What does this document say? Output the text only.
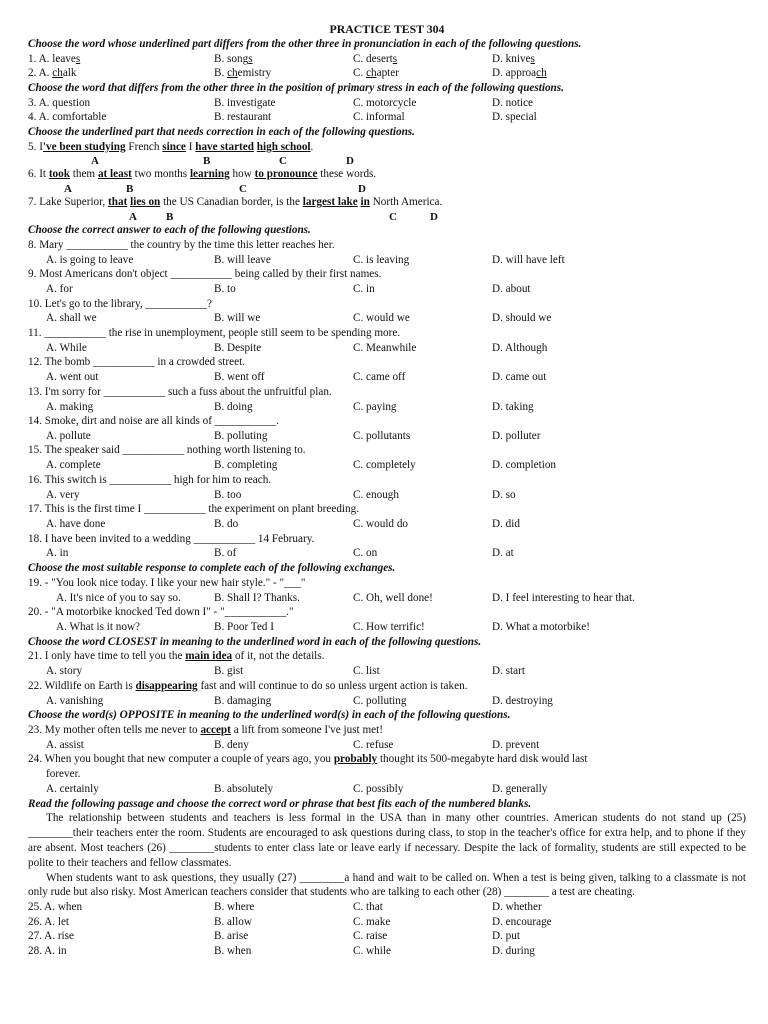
PRACTICE TEST 304
Choose the word whose underlined part differs from the other three in pronunciation in each of the following questions.
1. A. leaves	B. songs	C. deserts	D. knives
2. A. chalk	B. chemistry	C. chapter	D. approach
Choose the word that differs from the other three in the position of primary stress in each of the following questions.
3. A. question	B. investigate	C. motorcycle	D. notice
4. A. comfortable	B. restaurant	C. informal	D. special
Choose the underlined part that needs correction in each of the following questions.
5. I've been studying French since I have started high school.
A	B	C	D
6. It took them at least two months learning how to pronounce these words.
A	B	C	D
7. Lake Superior, that lies on the US Canadian border, is the largest lake in North America.
A	B	C	D
Choose the correct answer to each of the following questions.
8. Mary ___________ the country by the time this letter reaches her.
A. is going to leave	B. will leave	C. is leaving	D. will have left
9. Most Americans don't object ___________ being called by their first names.
A. for	B. to	C. in	D. about
10. Let's go to the library, ___________?
A. shall we	B. will we	C. would we	D. should we
11. ___________ the rise in unemployment, people still seem to be spending more.
A. While	B. Despite	C. Meanwhile	D. Although
12. The bomb ___________ in a crowded street.
A. went out	B. went off	C. came off	D. came out
13. I'm sorry for ___________ such a fuss about the unfruitful plan.
A. making	B. doing	C. paying	D. taking
14. Smoke, dirt and noise are all kinds of ___________.
A. pollute	B. polluting	C. pollutants	D. polluter
15. The speaker said ___________ nothing worth listening to.
A. complete	B. completing	C. completely	D. completion
16. This switch is ___________ high for him to reach.
A. very	B. too	C. enough	D. so
17. This is the first time I ___________ the experiment on plant breeding.
A. have done	B. do	C. would do	D. did
18. I have been invited to a wedding ___________ 14 February.
A. in	B. of	C. on	D. at
Choose the most suitable response to complete each of the following exchanges.
19. - "You look nice today. I like your new hair style." - "___"
A. It's nice of you to say so.	B. Shall I? Thanks.	C. Oh, well done!	D. I feel interesting to hear that.
20. - "A motorbike knocked Ted down I" - "___________."
A. What is it now?	B. Poor Ted I	C. How terrific!	D. What a motorbike!
Choose the word CLOSEST in meaning to the underlined word in each of the following questions.
21. I only have time to tell you the main idea of it, not the details.
A. story	B. gist	C. list	D. start
22. Wildlife on Earth is disappearing fast and will continue to do so unless urgent action is taken.
A. vanishing	B. damaging	C. polluting	D. destroying
Choose the word(s) OPPOSITE in meaning to the underlined word(s) in each of the following questions.
23. My mother often tells me never to accept a lift from someone I've just met!
A. assist	B. deny	C. refuse	D. prevent
24. When you bought that new computer a couple of years ago, you probably thought its 500-megabyte hard disk would last
forever.
A. certainly	B. absolutely	C. possibly	D. generally
Read the following passage and choose the correct word or phrase that best fits each of the numbered blanks.
The relationship between students and teachers is less formal in the USA than in many other countries. American students do not stand up (25) ________their teachers enter the room. Students are encouraged to ask questions during class, to stop in the teacher's office for extra help, and to phone if they are absent. Most teachers (26) ________students to enter class late or leave early if necessary. Despite the lack of formality, students are still expected to be polite to their teachers and fellow classmates.
When students want to ask questions, they usually (27) ________a hand and wait to be called on. When a test is being given, talking to a classmate is not only rude but also risky. Most American teachers consider that students who are talking to each other (28) ________ a test are cheating.
25. A. when	B. where	C. that	D. whether
26. A. let	B. allow	C. make	D. encourage
27. A. rise	B. arise	C. raise	D. put
28. A. in	B. when	C. while	D. during
